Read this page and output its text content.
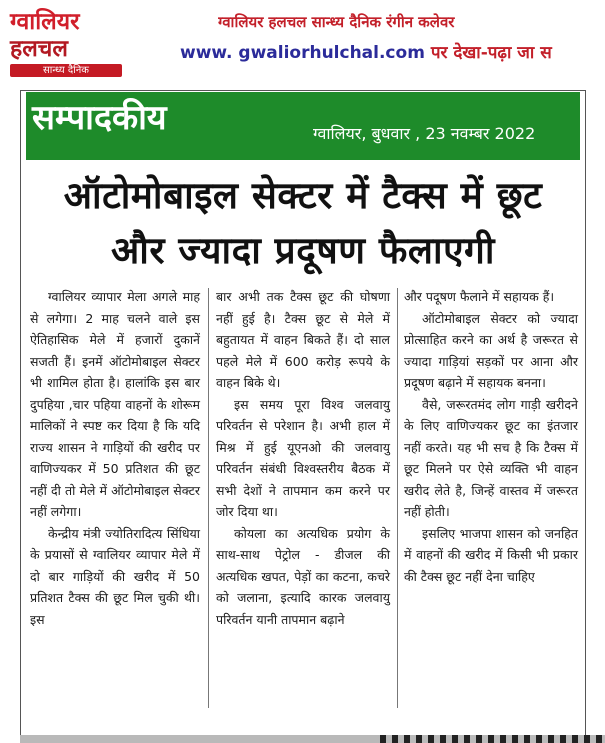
ग्वालियर
हलचल
सान्ध्य दैनिक
ग्वालियर हलचल सान्ध्य दैनिक रंगीन कलेवर
www. gwaliorhulchal.com पर देखा-पढ़ा जा स
सम्पादकीय	ग्वालियर, बुधवार , 23 नवम्बर 2022
ऑटोमोबाइल सेक्टर में टैक्स में छूट
और ज्यादा प्रदूषण फैलाएगी

ग्वालियर व्यापार मेला अगले माह से लगेगा। 2 माह चलने वाले इस ऐतिहासिक मेले में हजारों दुकानें सजती हैं। इनमें ऑटोमोबाइल सेक्टर भी शामिल होता है। हालांकि इस बार दुपहिया ,चार पहिया वाहनों के शोरूम मालिकों ने स्पष्ट कर दिया है कि यदि राज्य शासन ने गाड़ियों की खरीद पर वाणिज्यकर में 50 प्रतिशत की छूट नहीं दी तो मेले में ऑटोमोबाइल सेक्टर नहीं लगेगा।

केन्द्रीय मंत्री ज्योतिरादित्य सिंधिया के प्रयासों से ग्वालियर व्यापार मेले में दो बार गाड़ियों की खरीद में 50 प्रतिशत टैक्स की छूट मिल चुकी थी। इस

बार अभी तक टैक्स छूट की घोषणा नहीं हुई है। टैक्स छूट से मेले में बहुतायत में वाहन बिकते हैं। दो साल पहले मेले में 600 करोड़ रूपये के वाहन बिके थे।

इस समय पूरा विश्व जलवायु परिवर्तन से परेशान है। अभी हाल में मिश्र में हुई यूएनओ की जलवायु परिवर्तन संबंधी विश्वस्तरीय बैठक में सभी देशों ने तापमान कम करने पर जोर दिया था।

कोयला का अत्यधिक प्रयोग के साथ-साथ पेट्रोल - डीजल की अत्यधिक खपत, पेड़ों का कटना, कचरे को जलाना, इत्यादि कारक जलवायु परिवर्तन यानी तापमान बढ़ाने

और पदूषण फैलाने में सहायक हैं।

ऑटोमोबाइल सेक्टर को ज्यादा प्रोत्साहित करने का अर्थ है जरूरत से ज्यादा गाड़ियां सड़कों पर आना और प्रदूषण बढ़ाने में सहायक बनना।

वैसे, जरूरतमंद लोग गाड़ी खरीदने के लिए वाणिज्यकर छूट का इंतजार नहीं करते। यह भी सच है कि टैक्स में छूट मिलने पर ऐसे व्यक्ति भी वाहन खरीद लेते है, जिन्हें वास्तव में जरूरत नहीं होती।

इसलिए भाजपा शासन को जनहित में वाहनों की खरीद में किसी भी प्रकार की टैक्स छूट नहीं देना चाहिए
